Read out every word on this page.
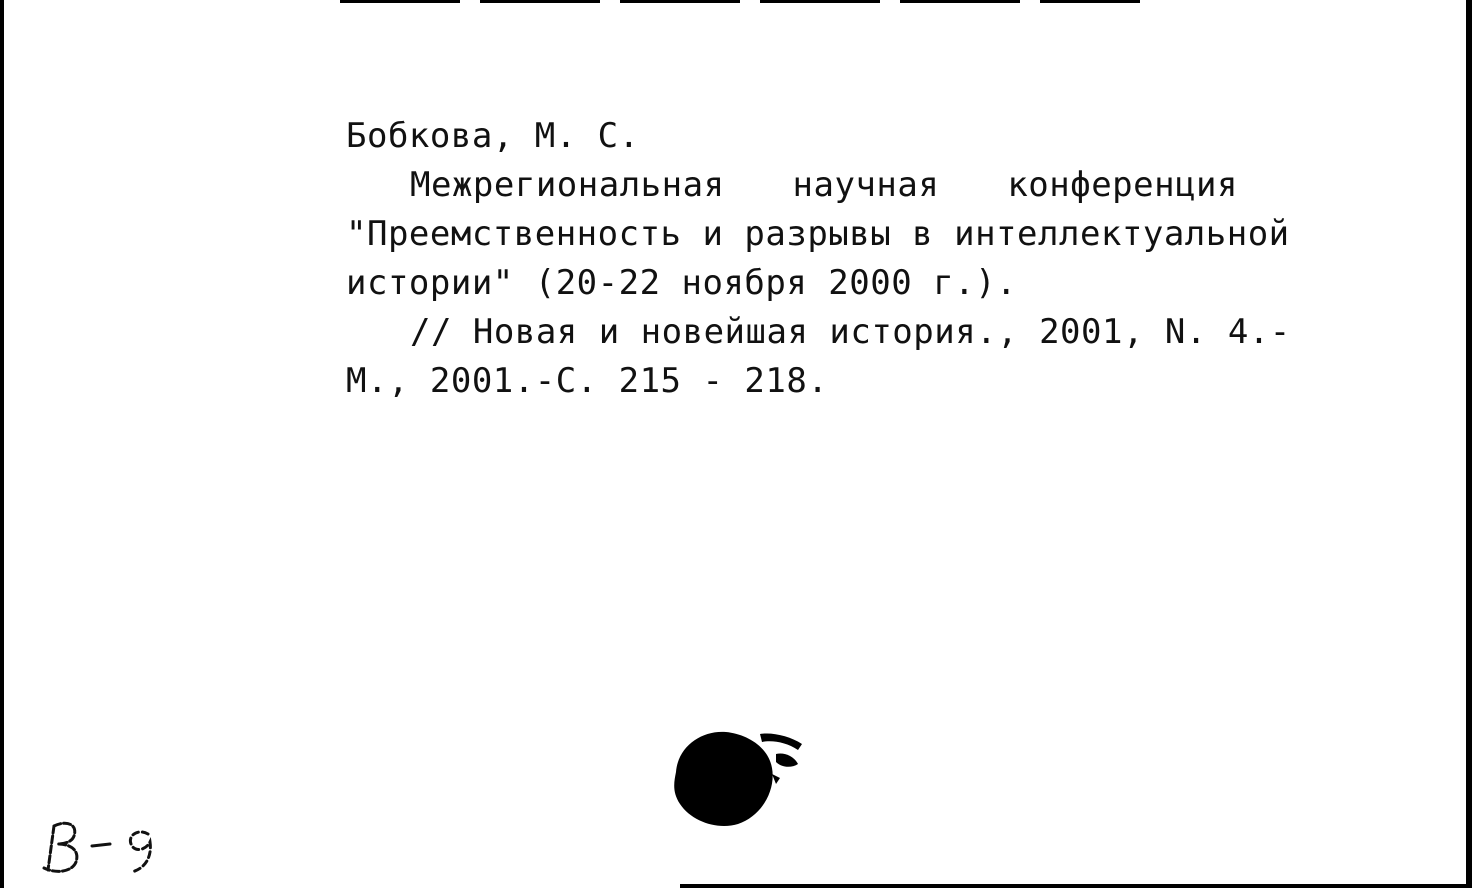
Бобкова, М. С.
Межрегиональная научная конференция
"Преемственность и разрывы в интеллектуальной
истории" (20-22 ноября 2000 г.).
// Новая и новейшая история., 2001, N. 4.-
М., 2001.-С. 215 - 218.
